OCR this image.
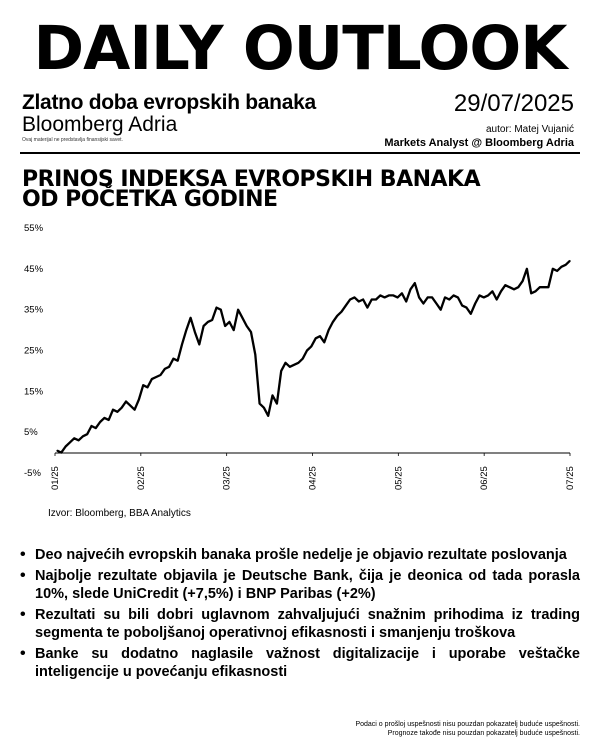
DAILY OUTLOOK
Zlatno doba evropskih banaka
Bloomberg Adria
Ovaj materijal ne predstavlja finansijski savet.
29/07/2025
autor: Matej Vujanić
Markets Analyst @ Bloomberg Adria
PRINOS INDEKSA EVROPSKIH BANAKA
OD POČETKA GODINE
-5%
5%
15%
25%
35%
45%
55%
01/25	02/25	03/25	04/25	05/25	06/25	07/25
Izvor: Bloomberg, BBA Analytics
• Deo najvećih evropskih banaka prošle nedelje je objavio rezultate poslovanja
• Najbolje rezultate objavila je Deutsche Bank, čija je deonica od tada porasla 10%, slede UniCredit (+7,5%) i BNP Paribas (+2%)
• Rezultati su bili dobri uglavnom zahvaljujući snažnim prihodima iz trading segmenta te poboljšanoj operativnoj efikasnosti i smanjenju troškova
• Banke su dodatno naglasile važnost digitalizacije i uporabe veštačke inteligencije u povećanju efikasnosti
Podaci o prošloj uspešnosti nisu pouzdan pokazatelj buduće uspešnosti.
Prognoze takođe nisu pouzdan pokazatelj buduće uspešnosti.
